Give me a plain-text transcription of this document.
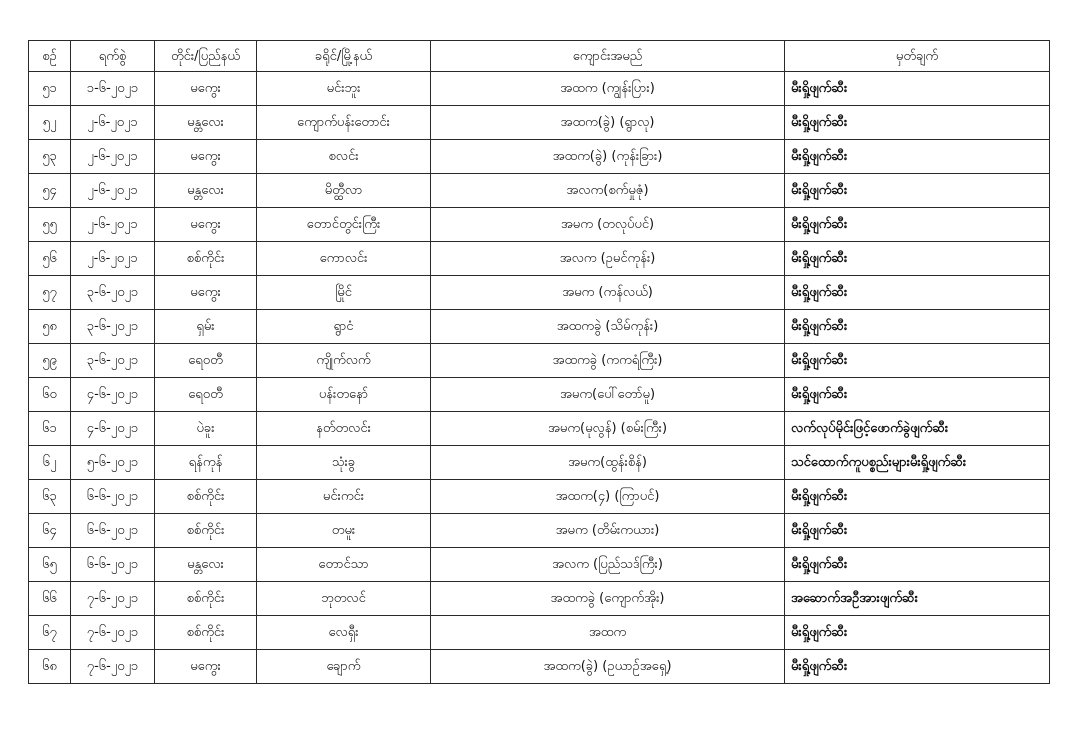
စဉ်	ရက်စွဲ	တိုင်း/ပြည်နယ်	ခရိုင်/မြို့နယ်	ကျောင်းအမည်	မှတ်ချက်
၅၁	၁-၆-၂၀၂၁	မကွေး	မင်းဘူး	အထက (ကျွန်းပြား)	မီးရှို့ဖျက်ဆီး
၅၂	၂-၆-၂၀၂၁	မန္တလေး	ကျောက်ပန်းတောင်း	အထက(ခွဲ) (ရွာလု)	မီးရှို့ဖျက်ဆီး
၅၃	၂-၆-၂၀၂၁	မကွေး	စလင်း	အထက(ခွဲ) (ကုန်းခြား)	မီးရှို့ဖျက်ဆီး
၅၄	၂-၆-၂၀၂၁	မန္တလေး	မိတ္ထီလာ	အလက(စက်မှုဇုံ)	မီးရှို့ဖျက်ဆီး
၅၅	၂-၆-၂၀၂၁	မကွေး	တောင်တွင်းကြီး	အမက (တလုပ်ပင်)	မီးရှို့ဖျက်ဆီး
၅၆	၂-၆-၂၀၂၁	စစ်ကိုင်း	ကောလင်း	အလက (ဥမင်ကုန်း)	မီးရှို့ဖျက်ဆီး
၅၇	၃-၆-၂၀၂၁	မကွေး	မြိုင်	အမက (ကန်လယ်)	မီးရှို့ဖျက်ဆီး
၅၈	၃-၆-၂၀၂၁	ရှမ်း	ရွာငံ	အထကခွဲ (သိမ်ကုန်း)	မီးရှို့ဖျက်ဆီး
၅၉	၃-၆-၂၀၂၁	ရေဝတီ	ကျိုက်လက်	အထကခွဲ (ကကရံကြီး)	မီးရှို့ဖျက်ဆီး
၆၀	၄-၆-၂၀၂၁	ရေဝတီ	ပန်းတနော်	အမက(ပေါ်တော်မူ)	မီးရှို့ဖျက်ဆီး
၆၁	၄-၆-၂၀၂၁	ပဲခူး	နတ်တလင်း	အမက(မုလွန်) (စမ်းကြီး)	လက်လုပ်မိုင်းဖြင့်ဖောက်ခွဲဖျက်ဆီး
၆၂	၅-၆-၂၀၂၁	ရန်ကုန်	သုံးခွ	အမက(ထွန်းစိန်)	သင်ထောက်ကူပစ္စည်းများမီးရှို့ဖျက်ဆီး
၆၃	၆-၆-၂၀၂၁	စစ်ကိုင်း	မင်းကင်း	အထက(၄) (ကြာပင်)	မီးရှို့ဖျက်ဆီး
၆၄	၆-၆-၂၀၂၁	စစ်ကိုင်း	တမူး	အမက (တိမ်းကယား)	မီးရှို့ဖျက်ဆီး
၆၅	၆-၆-၂၀၂၁	မန္တလေး	တောင်သာ	အလက (ပြည်သဒ်ကြီး)	မီးရှို့ဖျက်ဆီး
၆၆	၇-၆-၂၀၂၁	စစ်ကိုင်း	ဘုတလင်	အထကခွဲ (ကျောက်အိုး)	အဆောက်အဦအားဖျက်ဆီး
၆၇	၇-၆-၂၀၂၁	စစ်ကိုင်း	လေရှီး	အထက	မီးရှို့ဖျက်ဆီး
၆၈	၇-၆-၂၀၂၁	မကွေး	ချောက်	အထက(ခွဲ) (ဥယာဉ်အရှေ့)	မီးရှို့ဖျက်ဆီး
